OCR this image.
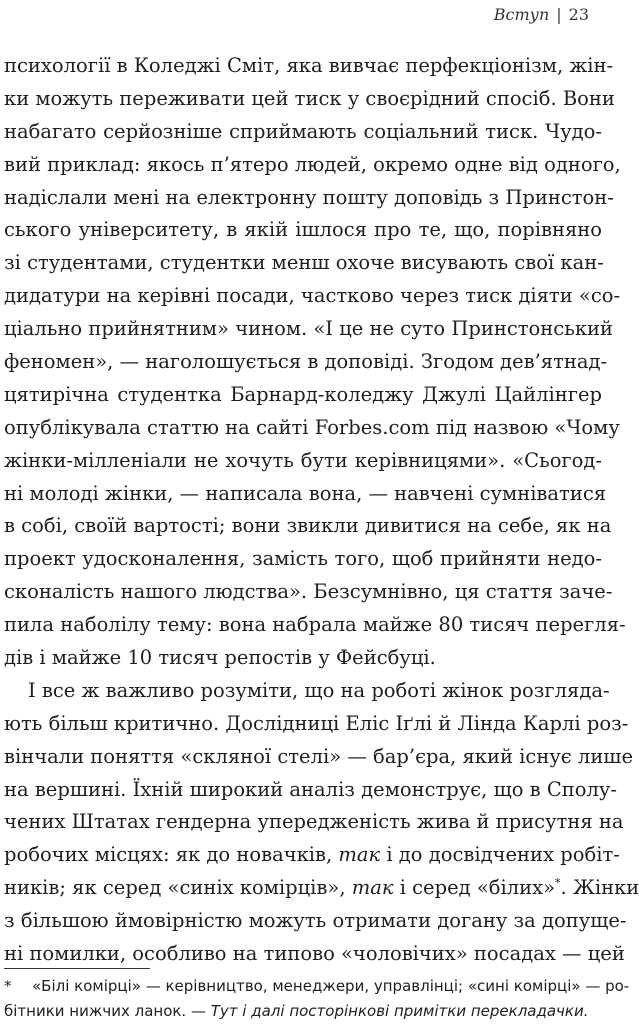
Вступ | 23
психології в Коледжі Сміт, яка вивчає перфекціонізм, жін-
ки можуть переживати цей тиск у своєрідний спосіб. Вони
набагато серйозніше сприймають соціальний тиск. Чудо-
вий приклад: якось п’ятеро людей, окремо одне від одного,
надіслали мені на електронну пошту доповідь з Принстон-
ського університету, в якій ішлося про те, що, порівняно
зі студентами, студентки менш охоче висувають свої кан-
дидатури на керівні посади, частково через тиск діяти «со-
ціально прийнятним» чином. «І це не суто Принстонський
феномен», — наголошується в доповіді. Згодом дев’ятнад-
цятирічна студентка Барнард-коледжу Джулі Цайлінгер
опублікувала статтю на сайті Forbes.com під назвою «Чому
жінки-мілленіали не хочуть бути керівницями». «Сьогод-
ні молоді жінки, — написала вона, — навчені сумніватися
в собі, своїй вартості; вони звикли дивитися на себе, як на
проект удосконалення, замість того, щоб прийняти недо-
сконаліcть нашого людства». Безсумнівно, ця стаття заче-
пила наболілу тему: вона набрала майже 80 тисяч перегля-
дів і майже 10 тисяч репостів у Фейсбуці.
І все ж важливо розуміти, що на роботі жінок розгляда-
ють більш критично. Дослідниці Еліс Іґлі й Лінда Карлі роз-
вінчали поняття «скляної стелі» — бар’єра, який існує лише
на вершині. Їхній широкий аналіз демонструє, що в Сполу-
чених Штатах гендерна упередженість жива й присутня на
робочих місцях: як до новачків, так і до досвідчених робіт-
ників; як серед «синіх комірців», так і серед «білих»*. Жінки
з більшою ймовірністю можуть отримати догану за допуще-
ні помилки, особливо на типово «чоловічих» посадах — цей
* «Білі комірці» — керівництво, менеджери, управлінці; «сині комірці» — ро-
бітники нижчих ланок. — Тут і далі посторінкові примітки перекладачки.
